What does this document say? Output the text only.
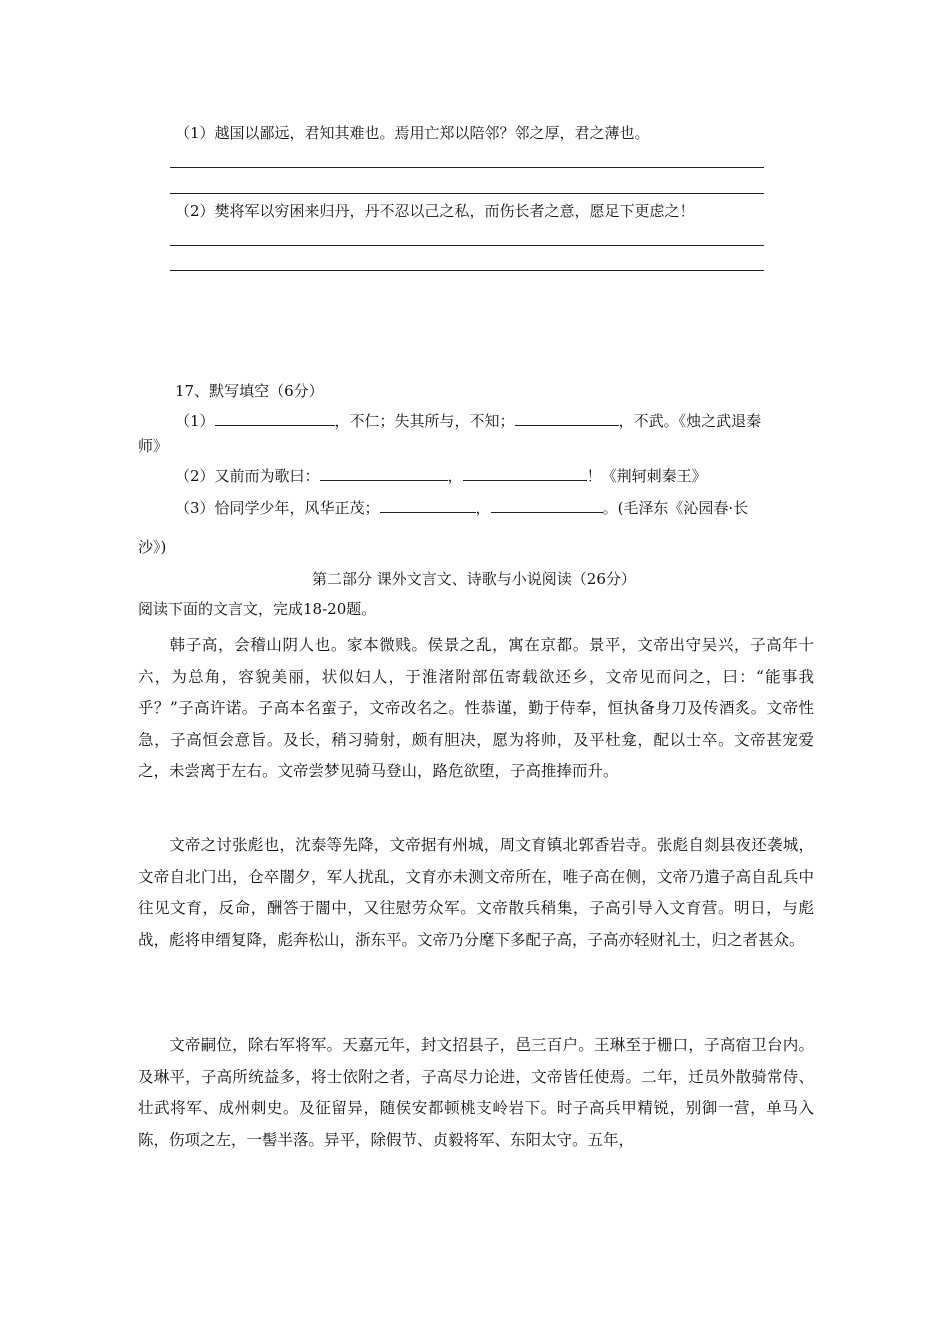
（1）越国以鄙远，君知其难也。焉用亡郑以陪邻？邻之厚，君之薄也。
（2）樊将军以穷困来归丹，丹不忍以己之私，而伤长者之意，愿足下更虑之！
17、默写填空（6分）
（1）	，不仁；失其所与，不知；	，不武。《烛之武退秦
师》
（2）又前而为歌曰：	，	！《荆轲刺秦王》
（3）恰同学少年，风华正茂；	，	。(毛泽东《沁园春·长
沙》)
第二部分 课外文言文、诗歌与小说阅读（26分）
阅读下面的文言文，完成18-20题。
韩子高，会稽山阴人也。家本微贱。侯景之乱，寓在京都。景平，文帝出守吴兴，子高年十六，为总角，容貌美丽，状似妇人，于淮渚附部伍寄载欲还乡，文帝见而问之，曰：“能事我乎？”子高许诺。子高本名蛮子，文帝改名之。性恭谨，勤于侍奉，恒执备身刀及传酒炙。文帝性急，子高恒会意旨。及长，稍习骑射，颇有胆决，愿为将帅，及平杜龛，配以士卒。文帝甚宠爱之，未尝离于左右。文帝尝梦见骑马登山，路危欲堕，子高推捧而升。
文帝之讨张彪也，沈泰等先降，文帝据有州城，周文育镇北郭香岩寺。张彪自剡县夜还袭城，文帝自北门出，仓卒闇夕，军人扰乱，文育亦未测文帝所在，唯子高在侧，文帝乃遣子高自乱兵中往见文育，反命，酬答于闇中，又往慰劳众军。文帝散兵稍集，子高引导入文育营。明日，与彪战，彪将申缙复降，彪奔松山，浙东平。文帝乃分麾下多配子高，子高亦轻财礼士，归之者甚众。
文帝嗣位，除右军将军。天嘉元年，封文招县子，邑三百户。王琳至于栅口，子高宿卫台内。及琳平，子高所统益多，将士依附之者，子高尽力论进，文帝皆任使焉。二年，迁员外散骑常侍、壮武将军、成州刺史。及征留异，随侯安都顿桃支岭岩下。时子高兵甲精锐，别御一营，单马入陈，伤项之左，一髻半落。异平，除假节、贞毅将军、东阳太守。五年，
